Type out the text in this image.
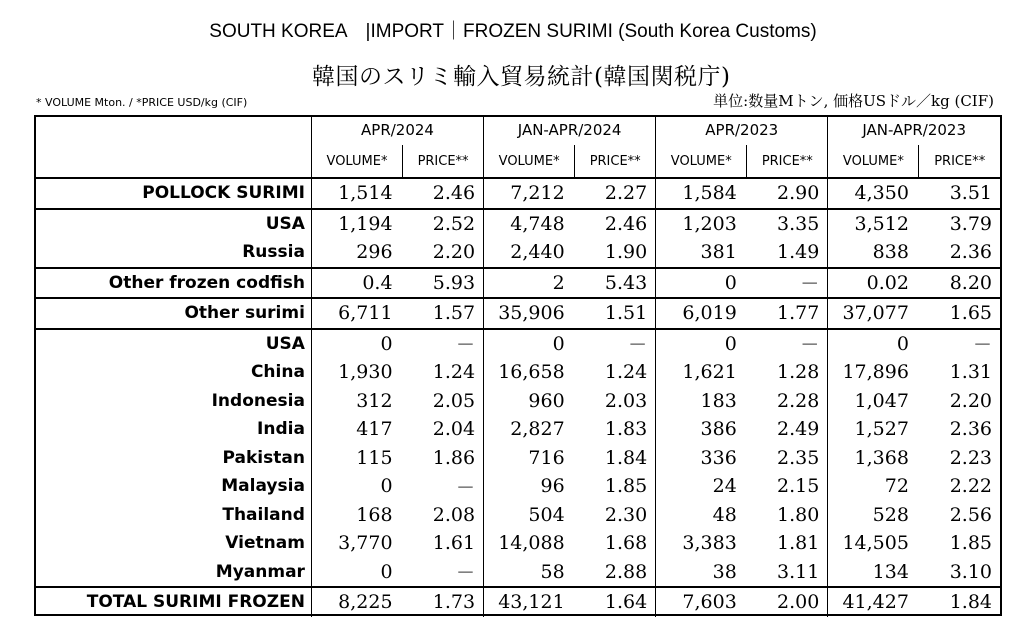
SOUTH KOREA　|IMPORT｜FROZEN SURIMI (South Korea Customs)
韓国のスリミ輸入貿易統計(韓国関税庁)
* VOLUME Mton. / *PRICE USD/kg (CIF)	単位:数量Mトン, 価格USドル／kg (CIF)
	APR/2024		JAN-APR/2024		APR/2023		JAN-APR/2023	
	VOLUME*	PRICE**	VOLUME*	PRICE**	VOLUME*	PRICE**	VOLUME*	PRICE**
POLLOCK SURIMI	1,514	2.46	7,212	2.27	1,584	2.90	4,350	3.51
USA	1,194	2.52	4,748	2.46	1,203	3.35	3,512	3.79
Russia	296	2.20	2,440	1.90	381	1.49	838	2.36
Other frozen codfish	0.4	5.93	2	5.43	0	－	0.02	8.20
Other surimi	6,711	1.57	35,906	1.51	6,019	1.77	37,077	1.65
USA	0	－	0	－	0	－	0	－
China	1,930	1.24	16,658	1.24	1,621	1.28	17,896	1.31
Indonesia	312	2.05	960	2.03	183	2.28	1,047	2.20
India	417	2.04	2,827	1.83	386	2.49	1,527	2.36
Pakistan	115	1.86	716	1.84	336	2.35	1,368	2.23
Malaysia	0	－	96	1.85	24	2.15	72	2.22
Thailand	168	2.08	504	2.30	48	1.80	528	2.56
Vietnam	3,770	1.61	14,088	1.68	3,383	1.81	14,505	1.85
Myanmar	0	－	58	2.88	38	3.11	134	3.10
TOTAL SURIMI FROZEN	8,225	1.73	43,121	1.64	7,603	2.00	41,427	1.84
